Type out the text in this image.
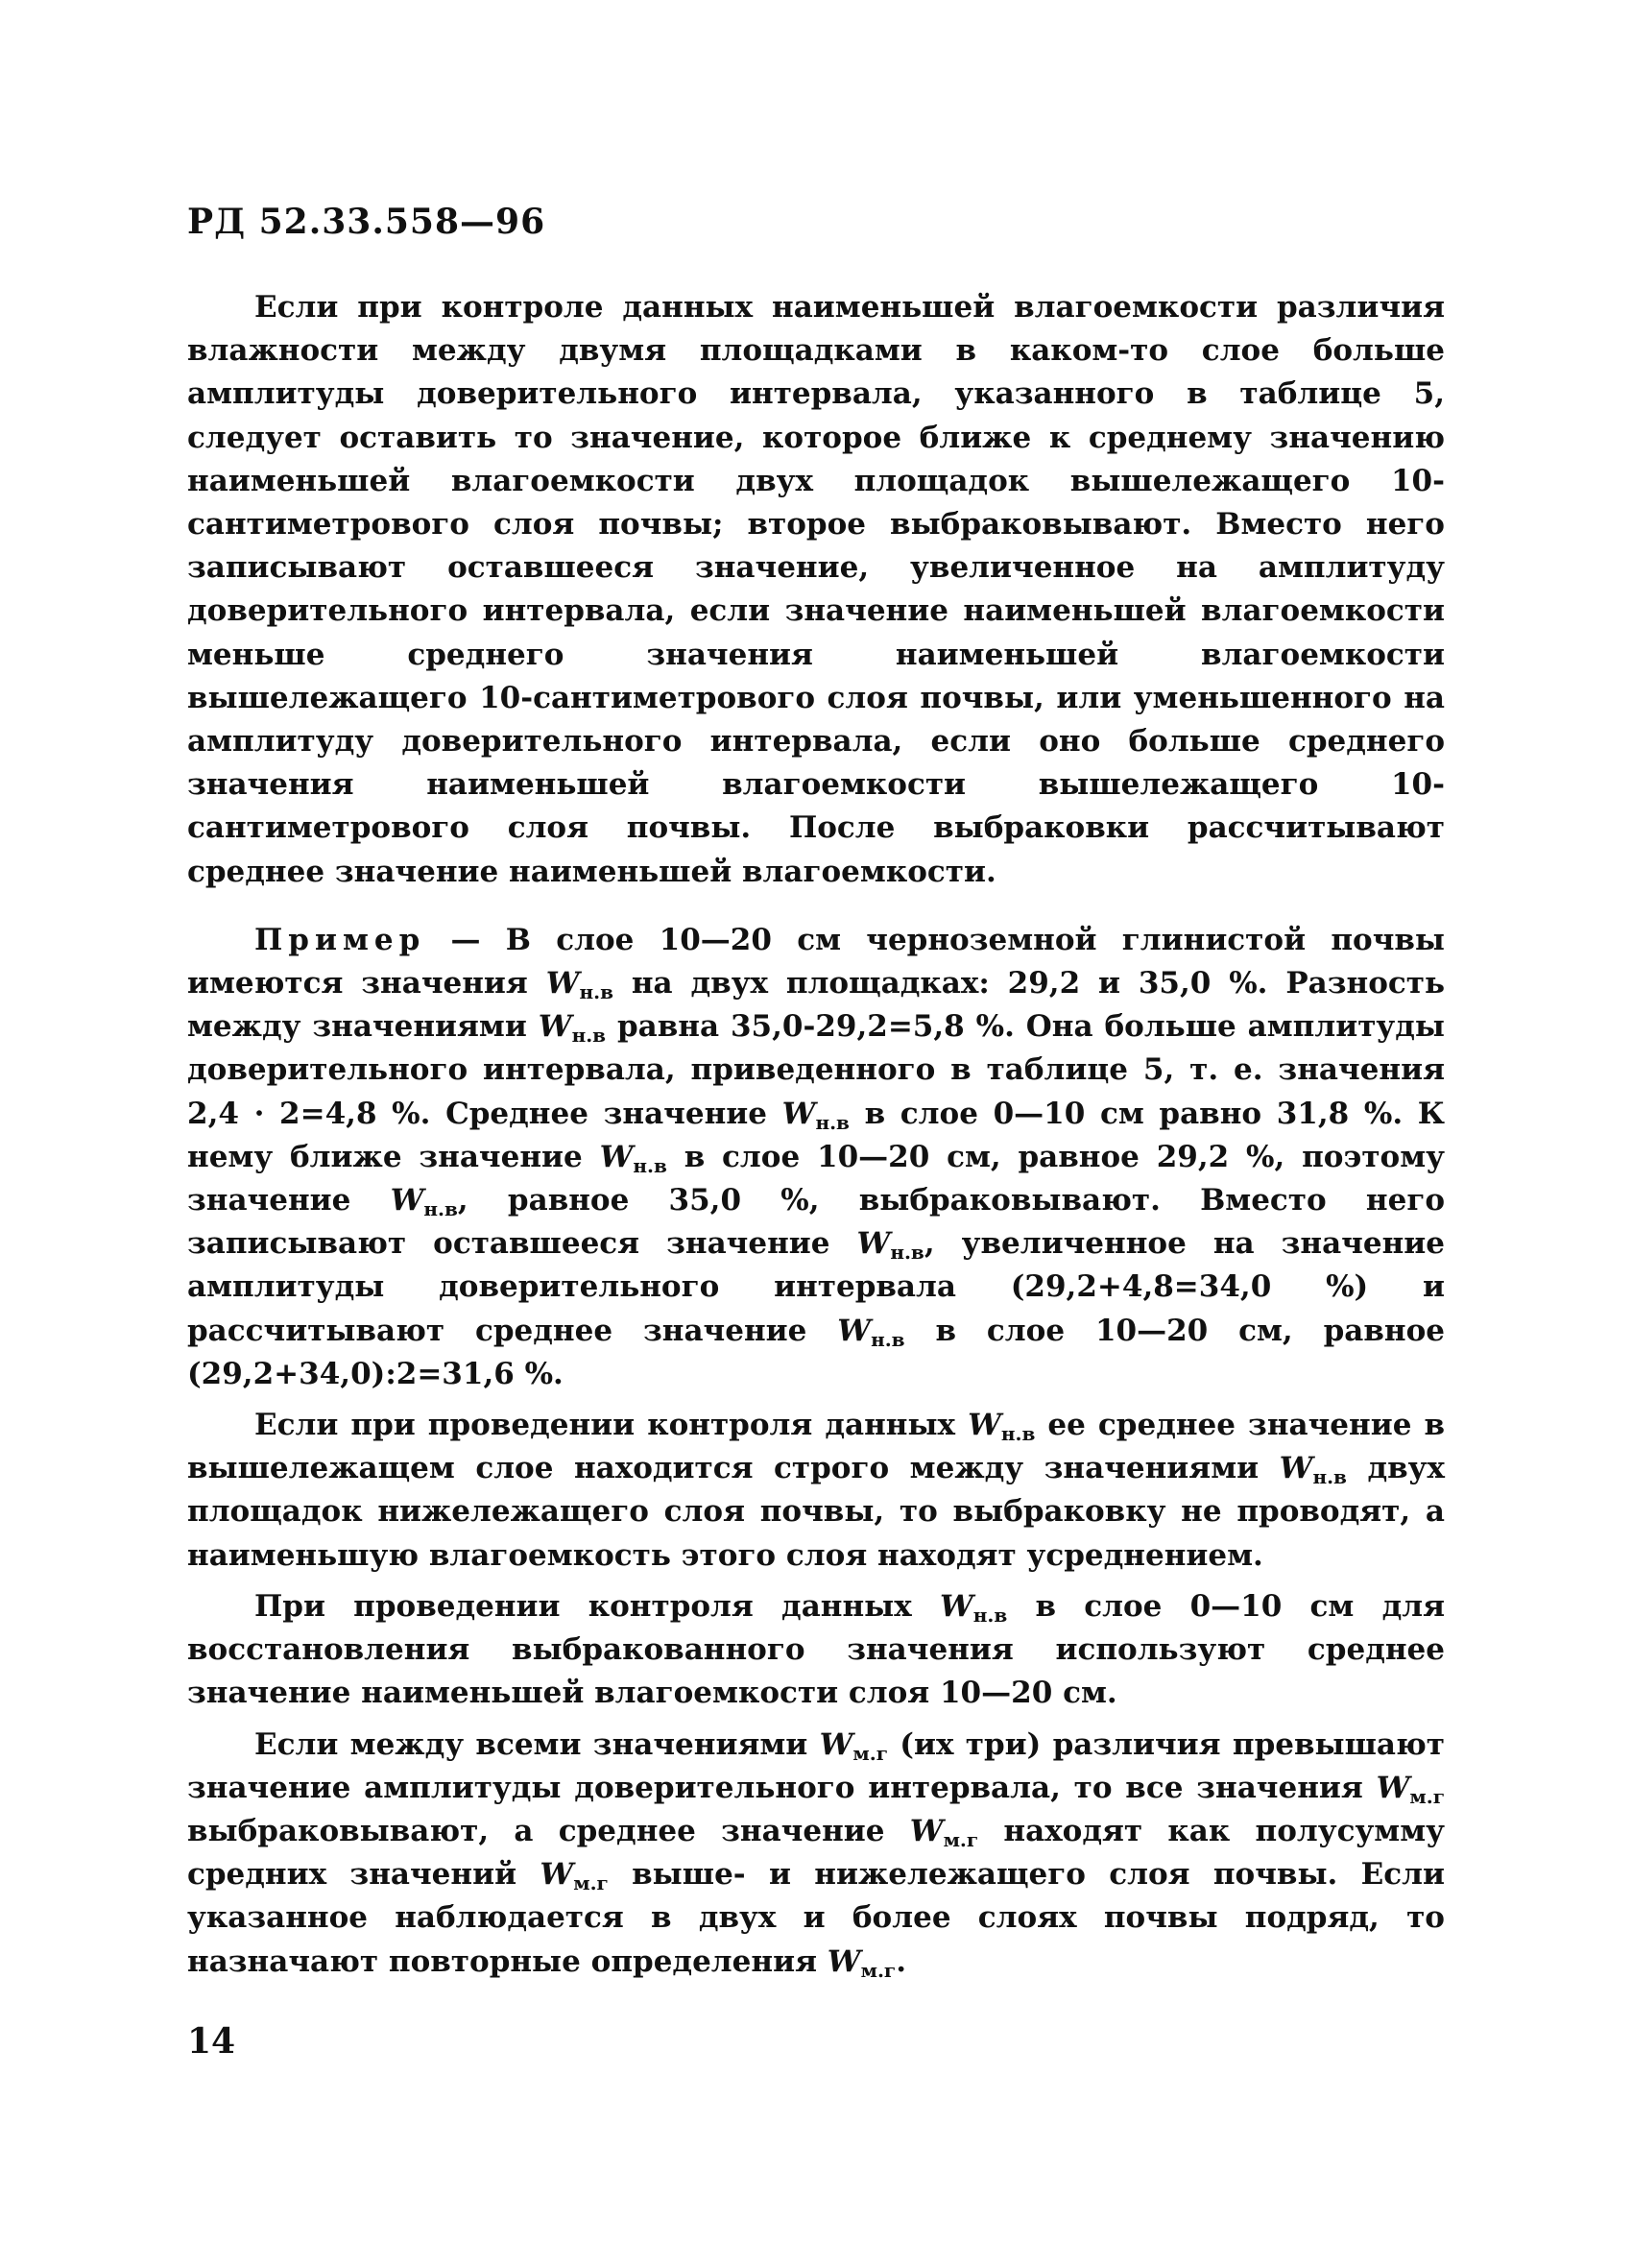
РД 52.33.558—96

Если при контроле данных наименьшей влагоемкости различия влажности между двумя площадками в каком-то слое больше амплитуды доверительного интервала, указанного в таблице 5, следует оставить то значение, которое ближе к среднему значению наименьшей влагоемкости двух площадок вышележащего 10-сантиметрового слоя почвы; второе выбраковывают. Вместо него записывают оставшееся значение, увеличенное на амплитуду доверительного интервала, если значение наименьшей влагоемкости меньше среднего значения наименьшей влагоемкости вышележащего 10-сантиметрового слоя почвы, или уменьшенного на амплитуду доверительного интервала, если оно больше среднего значения наименьшей влагоемкости вышележащего 10-сантиметрового слоя почвы. После выбраковки рассчитывают среднее значение наименьшей влагоемкости.

Пример — В слое 10—20 см черноземной глинистой почвы имеются значения $W_{н.в}$ на двух площадках: 29,2 и 35,0 %. Разность между значениями $W_{н.в}$ равна 35,0-29,2=5,8 %. Она больше амплитуды доверительного интервала, приведенного в таблице 5, т. е. значения 2,4 · 2=4,8 %. Среднее значение $W_{н.в}$ в слое 0—10 см равно 31,8 %. К нему ближе значение $W_{н.в}$ в слое 10—20 см, равное 29,2 %, поэтому значение $W_{н.в}$, равное 35,0 %, выбраковывают. Вместо него записывают оставшееся значение $W_{н.в}$, увеличенное на значение амплитуды доверительного интервала (29,2+4,8=34,0 %) и рассчитывают среднее значение $W_{н.в}$ в слое 10—20 см, равное (29,2+34,0):2=31,6 %.

Если при проведении контроля данных $W_{н.в}$ ее среднее значение в вышележащем слое находится строго между значениями $W_{н.в}$ двух площадок нижележащего слоя почвы, то выбраковку не проводят, а наименьшую влагоемкость этого слоя находят усреднением.

При проведении контроля данных $W_{н.в}$ в слое 0—10 см для восстановления выбракованного значения используют среднее значение наименьшей влагоемкости слоя 10—20 см.

Если между всеми значениями $W_{м.г}$ (их три) различия превышают значение амплитуды доверительного интервала, то все значения $W_{м.г}$ выбраковывают, а среднее значение $W_{м.г}$ находят как полусумму средних значений $W_{м.г}$ выше- и нижележащего слоя почвы. Если указанное наблюдается в двух и более слоях почвы подряд, то назначают повторные определения $W_{м.г}$.

14
